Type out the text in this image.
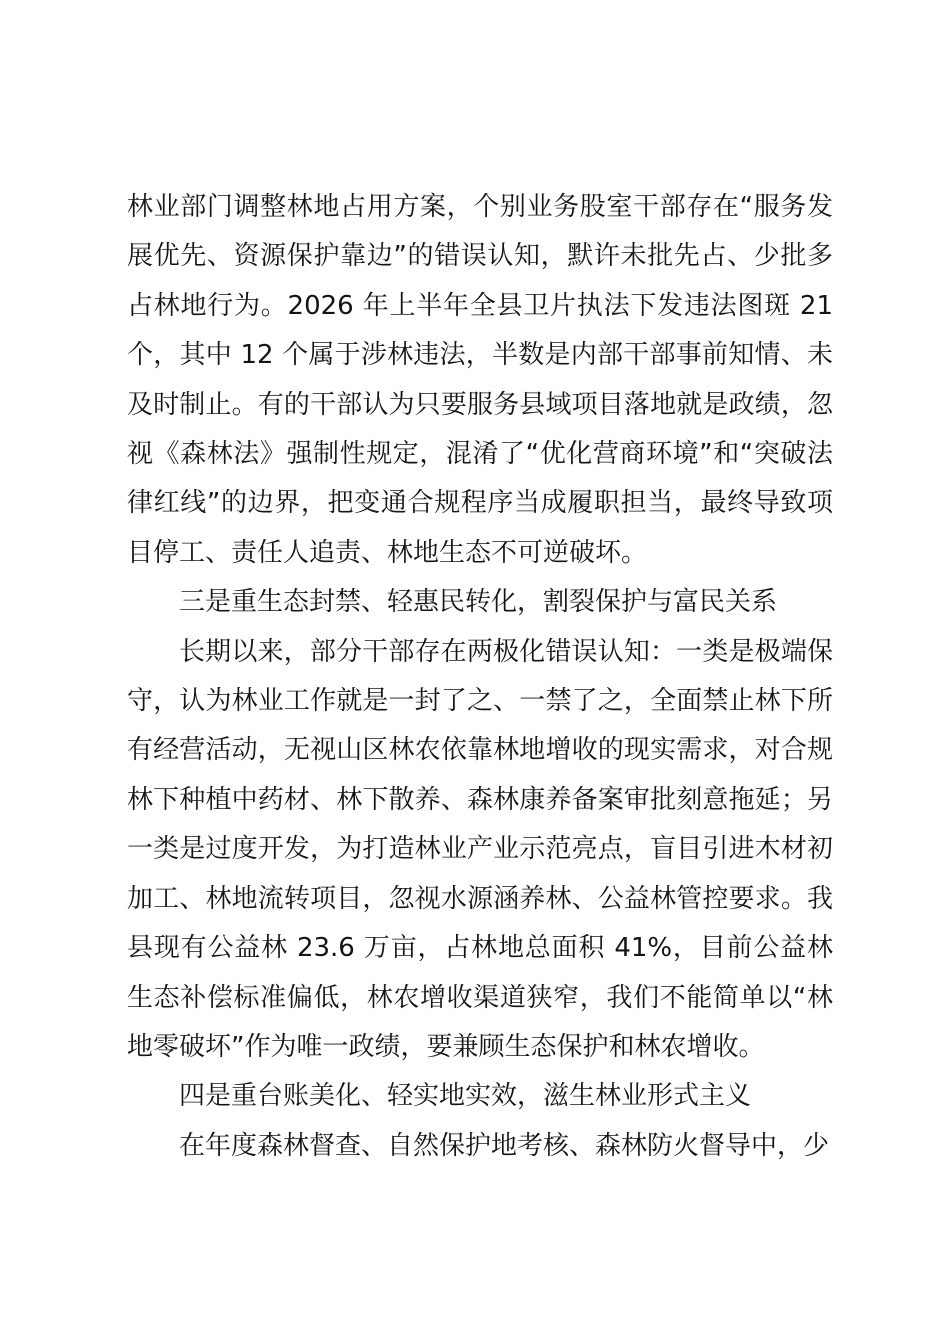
林业部门调整林地占用方案，个别业务股室干部存在“服务发展优先、资源保护靠边”的错误认知，默许未批先占、少批多占林地行为。2026 年上半年全县卫片执法下发违法图斑 21 个，其中 12 个属于涉林违法，半数是内部干部事前知情、未及时制止。有的干部认为只要服务县域项目落地就是政绩，忽视《森林法》强制性规定，混淆了“优化营商环境”和“突破法律红线”的边界，把变通合规程序当成履职担当，最终导致项目停工、责任人追责、林地生态不可逆破坏。

三是重生态封禁、轻惠民转化，割裂保护与富民关系

长期以来，部分干部存在两极化错误认知：一类是极端保守，认为林业工作就是一封了之、一禁了之，全面禁止林下所有经营活动，无视山区林农依靠林地增收的现实需求，对合规林下种植中药材、林下散养、森林康养备案审批刻意拖延；另一类是过度开发，为打造林业产业示范亮点，盲目引进木材初加工、林地流转项目，忽视水源涵养林、公益林管控要求。我县现有公益林 23.6 万亩，占林地总面积 41%，目前公益林生态补偿标准偏低，林农增收渠道狭窄，我们不能简单以“林地零破坏”作为唯一政绩，要兼顾生态保护和林农增收。

四是重台账美化、轻实地实效，滋生林业形式主义

在年度森林督查、自然保护地考核、森林防火督导中，少
